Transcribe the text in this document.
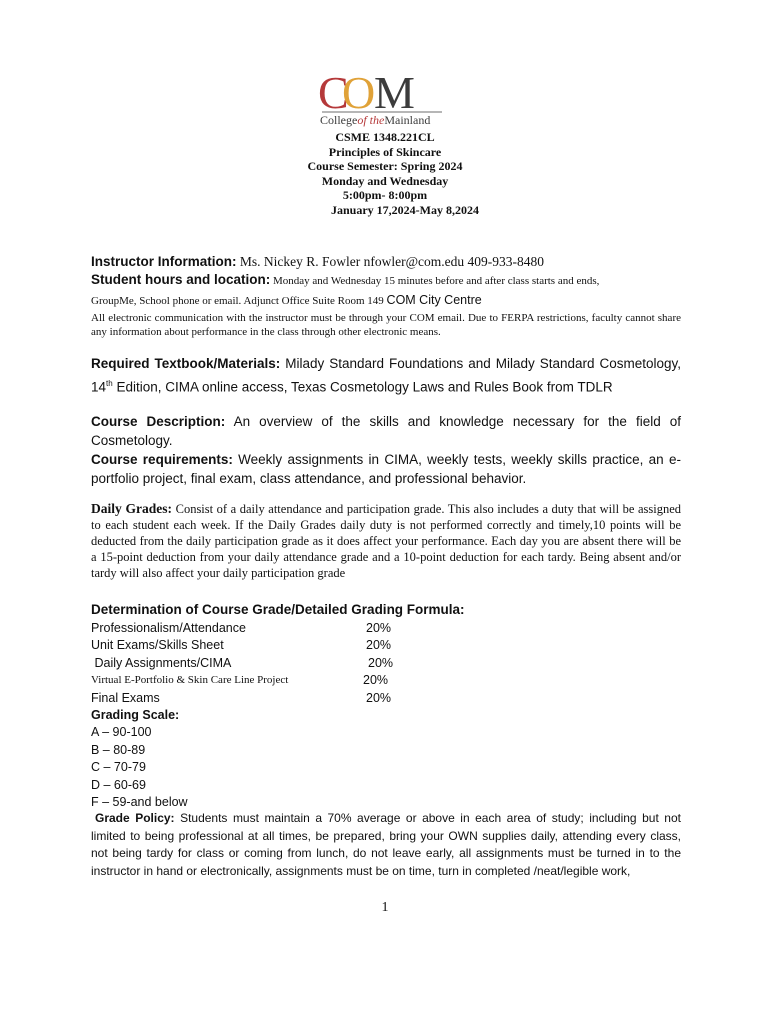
C
O
M
Collegeof theMainland
CSME 1348.221CL
Principles of Skincare
Course Semester: Spring 2024
Monday and Wednesday
5:00pm- 8:00pm
January 17,2024-May 8,2024
Instructor Information: Ms. Nickey R. Fowler nfowler@com.edu 409-933-8480
Student hours and location: Monday and Wednesday 15 minutes before and after class starts and ends,
GroupMe, School phone or email. Adjunct Office Suite Room 149 COM City Centre

All electronic communication with the instructor must be through your COM email. Due to FERPA restrictions, faculty cannot share any information about performance in the class through other electronic means.

Required Textbook/Materials: Milady Standard Foundations and Milady Standard Cosmetology, 14th Edition, CIMA online access, Texas Cosmetology Laws and Rules Book from TDLR

Course Description: An overview of the skills and knowledge necessary for the field of Cosmetology.

Course requirements: Weekly assignments in CIMA, weekly tests, weekly skills practice, an e-portfolio project, final exam, class attendance, and professional behavior.

Daily Grades: Consist of a daily attendance and participation grade. This also includes a duty that will be assigned to each student each week. If the Daily Grades daily duty is not performed correctly and timely,10 points will be deducted from the daily participation grade as it does affect your performance. Each day you are absent there will be a 15-point deduction from your daily attendance grade and a 10-point deduction for each tardy. Being absent and/or tardy will also affect your daily participation grade
Determination of Course Grade/Detailed Grading Formula:
Professionalism/Attendance	20%
Unit Exams/Skills Sheet	20%
Daily Assignments/CIMA	20%
Virtual E-Portfolio & Skin Care Line Project	20%
Final Exams	20%
Grading Scale:
A – 90-100
B – 80-89
C – 70-79
D – 60-69
F – 59-and below
Grade Policy: Students must maintain a 70% average or above in each area of study; including but not limited to being professional at all times, be prepared, bring your OWN supplies daily, attending every class, not being tardy for class or coming from lunch, do not leave early, all assignments must be turned in to the instructor in hand or electronically, assignments must be on time, turn in completed /neat/legible work,
1
